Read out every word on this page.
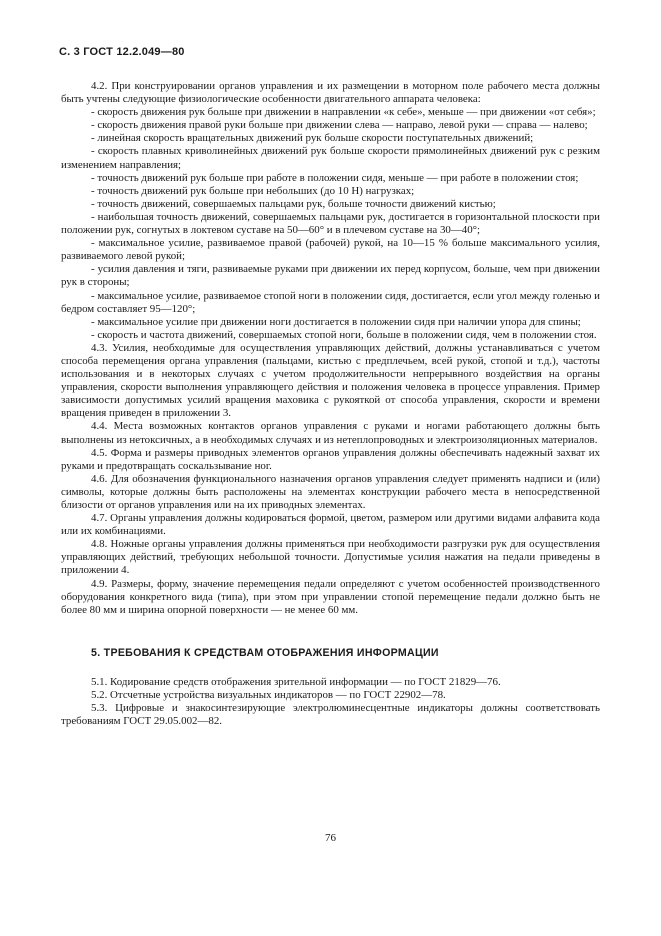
С. 3 ГОСТ 12.2.049—80

4.2. При конструировании органов управления и их размещении в моторном поле рабочего места должны быть учтены следующие физиологические особенности двигательного аппарата человека:

- скорость движения рук больше при движении в направлении «к себе», меньше — при движении «от себя»;

- скорость движения правой руки больше при движении слева — направо, левой руки — справа — налево;

- линейная скорость вращательных движений рук больше скорости поступательных движений;

- скорость плавных криволинейных движений рук больше скорости прямолинейных движений рук с резким изменением направления;

- точность движений рук больше при работе в положении сидя, меньше — при работе в положении стоя;

- точность движений рук больше при небольших (до 10 Н) нагрузках;

- точность движений, совершаемых пальцами рук, больше точности движений кистью;

- наибольшая точность движений, совершаемых пальцами рук, достигается в горизонтальной плоскости при положении рук, согнутых в локтевом суставе на 50—60° и в плечевом суставе на 30—40°;

- максимальное усилие, развиваемое правой (рабочей) рукой, на 10—15 % больше максимального усилия, развиваемого левой рукой;

- усилия давления и тяги, развиваемые руками при движении их перед корпусом, больше, чем при движении рук в стороны;

- максимальное усилие, развиваемое стопой ноги в положении сидя, достигается, если угол между голенью и бедром составляет 95—120°;

- максимальное усилие при движении ноги достигается в положении сидя при наличии упора для спины;

- скорость и частота движений, совершаемых стопой ноги, больше в положении сидя, чем в положении стоя.

4.3. Усилия, необходимые для осуществления управляющих действий, должны устанавливаться с учетом способа перемещения органа управления (пальцами, кистью с предплечьем, всей рукой, стопой и т.д.), частоты использования и в некоторых случаях с учетом продолжительности непрерывного воздействия на органы управления, скорости выполнения управляющего действия и положения человека в процессе управления. Пример зависимости допустимых усилий вращения маховика с рукояткой от способа управления, скорости и времени вращения приведен в приложении 3.

4.4. Места возможных контактов органов управления с руками и ногами работающего должны быть выполнены из нетоксичных, а в необходимых случаях и из нетеплопроводных и электроизоляционных материалов.

4.5. Форма и размеры приводных элементов органов управления должны обеспечивать надежный захват их руками и предотвращать соскальзывание ног.

4.6. Для обозначения функционального назначения органов управления следует применять надписи и (или) символы, которые должны быть расположены на элементах конструкции рабочего места в непосредственной близости от органов управления или на их приводных элементах.

4.7. Органы управления должны кодироваться формой, цветом, размером или другими видами алфавита кода или их комбинациями.

4.8. Ножные органы управления должны применяться при необходимости разгрузки рук для осуществления управляющих действий, требующих небольшой точности. Допустимые усилия нажатия на педали приведены в приложении 4.

4.9. Размеры, форму, значение перемещения педали определяют с учетом особенностей производственного оборудования конкретного вида (типа), при этом при управлении стопой перемещение педали должно быть не более 80 мм и ширина опорной поверхности — не менее 60 мм.

5. ТРЕБОВАНИЯ К СРЕДСТВАМ ОТОБРАЖЕНИЯ ИНФОРМАЦИИ

5.1. Кодирование средств отображения зрительной информации — по ГОСТ 21829—76.

5.2. Отсчетные устройства визуальных индикаторов — по ГОСТ 22902—78.

5.3. Цифровые и знакосинтезирующие электролюминесцентные индикаторы должны соответствовать требованиям ГОСТ 29.05.002—82.

76
